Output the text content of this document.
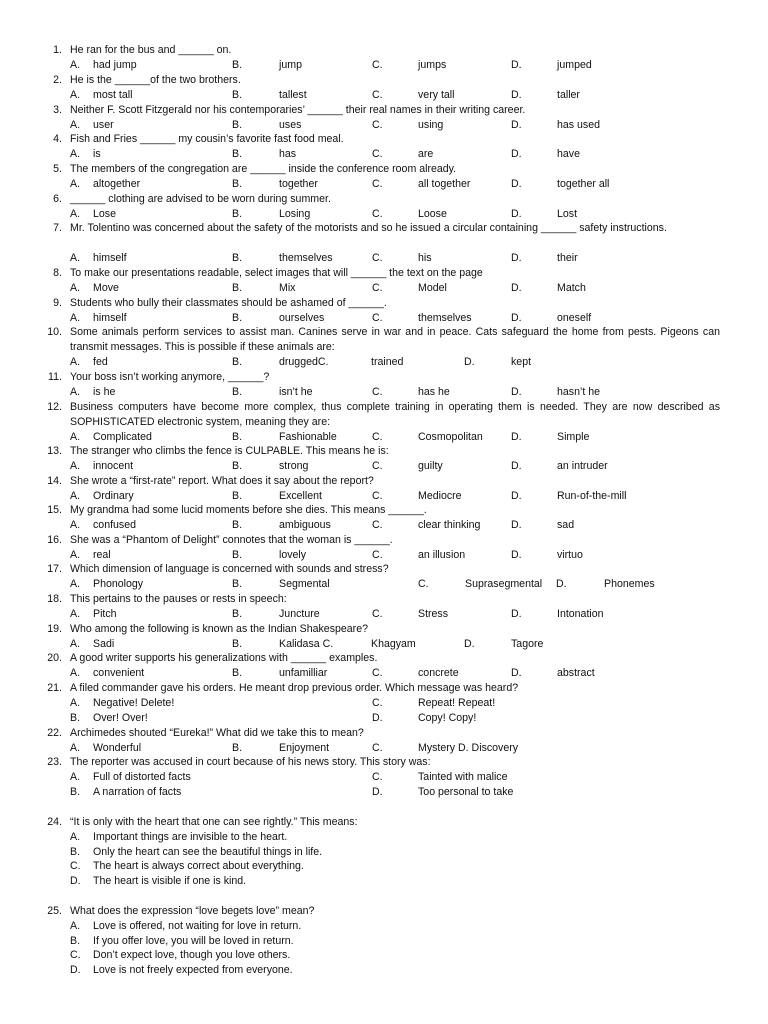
1. He ran for the bus and ______ on.
A. had jump	B.	jump	C.	jumps	D.	jumped
2. He is the ______of the two brothers.
A. most tall	B.	tallest	C.	very tall	D.	taller
3. Neither F. Scott Fitzgerald nor his contemporaries’ ______ their real names in their writing career.
A. user	B.	uses	C.	using	D.	has used
4. Fish and Fries ______ my cousin’s favorite fast food meal.
A. is	B.	has	C.	are	D.	have
5. The members of the congregation are ______ inside the conference room already.
A. altogether	B.	together	C.	all together	D.	together all
6. ______ clothing are advised to be worn during summer.
A. Lose	B.	Losing	C.	Loose	D.	Lost
7. Mr. Tolentino was concerned about the safety of the motorists and so he issued a circular containing ______ safety instructions.
A. himself	B.	themselves	C.	his	D.	their
8. To make our presentations readable, select images that will ______ the text on the page
A. Move	B.	Mix	C.	Model	D.	Match
9. Students who bully their classmates should be ashamed of ______.
A. himself	B.	ourselves	C.	themselves	D.	oneself
10. Some animals perform services to assist man. Canines serve in war and in peace. Cats safeguard the home from pests. Pigeons can transmit messages. This is possible if these animals are:
A. fed	B.	druggedC.	trained	D.	kept
11. Your boss isn’t working anymore, ______?
A. is he	B.	isn’t he	C.	has he	D.	hasn’t he
12. Business computers have become more complex, thus complete training in operating them is needed. They are now described as SOPHISTICATED electronic system, meaning they are:
A. Complicated	B.	Fashionable	C.	Cosmopolitan	D.	Simple
13. The stranger who climbs the fence is CULPABLE. This means he is:
A. innocent	B.	strong	C.	guilty	D.	an intruder
14. She wrote a “first-rate” report. What does it say about the report?
A. Ordinary	B.	Excellent	C.	Mediocre	D.	Run-of-the-mill
15. My grandma had some lucid moments before she dies. This means ______.
A. confused	B.	ambiguous	C.	clear thinking	D.	sad
16. She was a “Phantom of Delight” connotes that the woman is ______.
A. real	B.	lovely	C.	an illusion	D.	virtuo
17. Which dimension of language is concerned with sounds and stress?
A. Phonology	B.	Segmental	C.	Suprasegmental D.	Phonemes
18. This pertains to the pauses or rests in speech:
A. Pitch	B.	Juncture	C.	Stress	D.	Intonation
19. Who among the following is known as the Indian Shakespeare?
A. Sadi	B.	Kalidasa C.	Khagyam	D.	Tagore
20. A good writer supports his generalizations with ______ examples.
A. convenient	B.	unfamilliar	C.	concrete	D.	abstract
21. A filed commander gave his orders. He meant drop previous order. Which message was heard?
A. Negative! Delete!	C.	Repeat! Repeat!
B. Over! Over!	D.	Copy! Copy!
22. Archimedes shouted “Eureka!” What did we take this to mean?
A. Wonderful	B.	Enjoyment	C.	Mystery D. Discovery
23. The reporter was accused in court because of his news story. This story was:
A. Full of distorted facts	C.	Tainted with malice
B. A narration of facts	D.	Too personal to take
24. “It is only with the heart that one can see rightly.” This means:
A. Important things are invisible to the heart.
B. Only the heart can see the beautiful things in life.
C. The heart is always correct about everything.
D. The heart is visible if one is kind.
25. What does the expression “love begets love” mean?
A. Love is offered, not waiting for love in return.
B. If you offer love, you will be loved in return.
C. Don’t expect love, though you love others.
D. Love is not freely expected from everyone.
